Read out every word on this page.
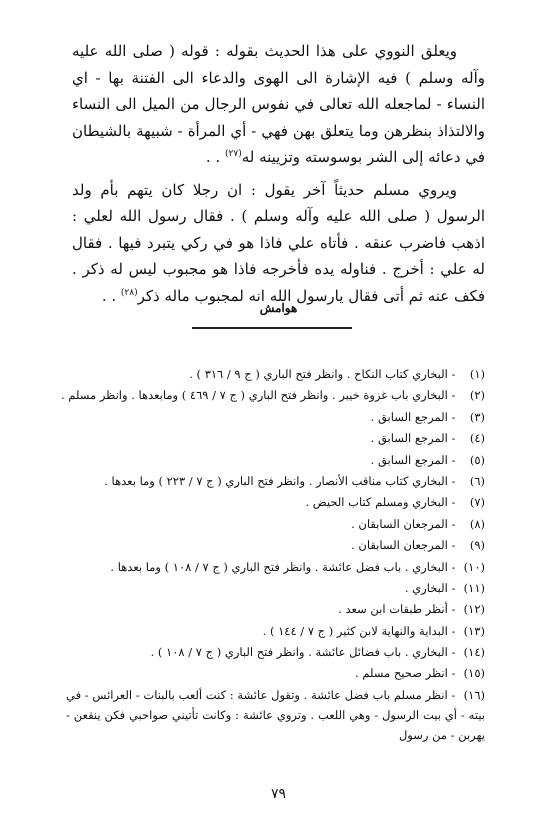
ويعلق النووي على هذا الحديث بقوله : قوله ( صلى الله عليه وآله وسلم ) فيه الإشارة الى الهوى والدعاء الى الفتنة بها - اي النساء - لماجعله الله تعالى في نفوس الرجال من الميل الى النساء والالتذاذ بنظرهن وما يتعلق بهن فهي - أي المرأة - شبيهة بالشيطان في دعائه إلى الشر بوسوسته وتزيينه له$^{(٢٧)}$ . .

ويروي مسلم حديثاً آخر يقول : ان رجلا كان يتهم بأم ولد الرسول ( صلى الله عليه وآله وسلم ) . فقال رسول الله لعلي : اذهب فاضرب عنقه . فأتاه علي فاذا هو في ركي يتبرد فيها . فقال له علي : أخرج . فناوله يده فأخرجه فاذا هو مجبوب ليس له ذكر . فكف عنه ثم أتى فقال يارسول الله انه لمجبوب ماله ذكر$^{(٢٨)}$ . .

هوامش
(١) - البخاري كتاب النكاح . وانظر فتح الباري ( ج ٩ / ٣١٦ ) .
(٢) - البخاري باب غزوة خيبر . وانظر فتح الباري ( ج ٧ / ٤٦٩ ) ومابعدها . وانظر مسلم .
(٣) - المرجع السابق .
(٤) - المرجع السابق .
(٥) - المرجع السابق .
(٦) - البخاري كتاب مناقب الأنصار . وانظر فتح الباري ( ج ٧ / ٢٢٣ ) وما بعدها .
(٧) - البخاري ومسلم كتاب الحيض .
(٨) - المرجعان السابقان .
(٩) - المرجعان السابقان .
(١٠) - البخاري . باب فضل عائشة . وانظر فتح الباري ( ج ٧ / ١٠٨ ) وما بعدها .
(١١) - البخاري .
(١٢) - أنظر طبقات ابن سعد .
(١٣) - البداية والنهاية لابن كثير ( ج ٧ / ١٤٤ ) .
(١٤) - البخاري . باب فضائل عائشة . وانظر فتح الباري ( ج ٧ / ١٠٨ ) .
(١٥) - انظر صحيح مسلم .
(١٦) - انظر مسلم باب فضل عائشة . وتقول عائشة : كنت ألعب بالبنات - العرائس - في بيته - أي بيت الرسول - وهي اللعب . وتروي عائشة : وكانت تأتيني صواحبي فكن ينقعن - يهربن - من رسول
٧٩
